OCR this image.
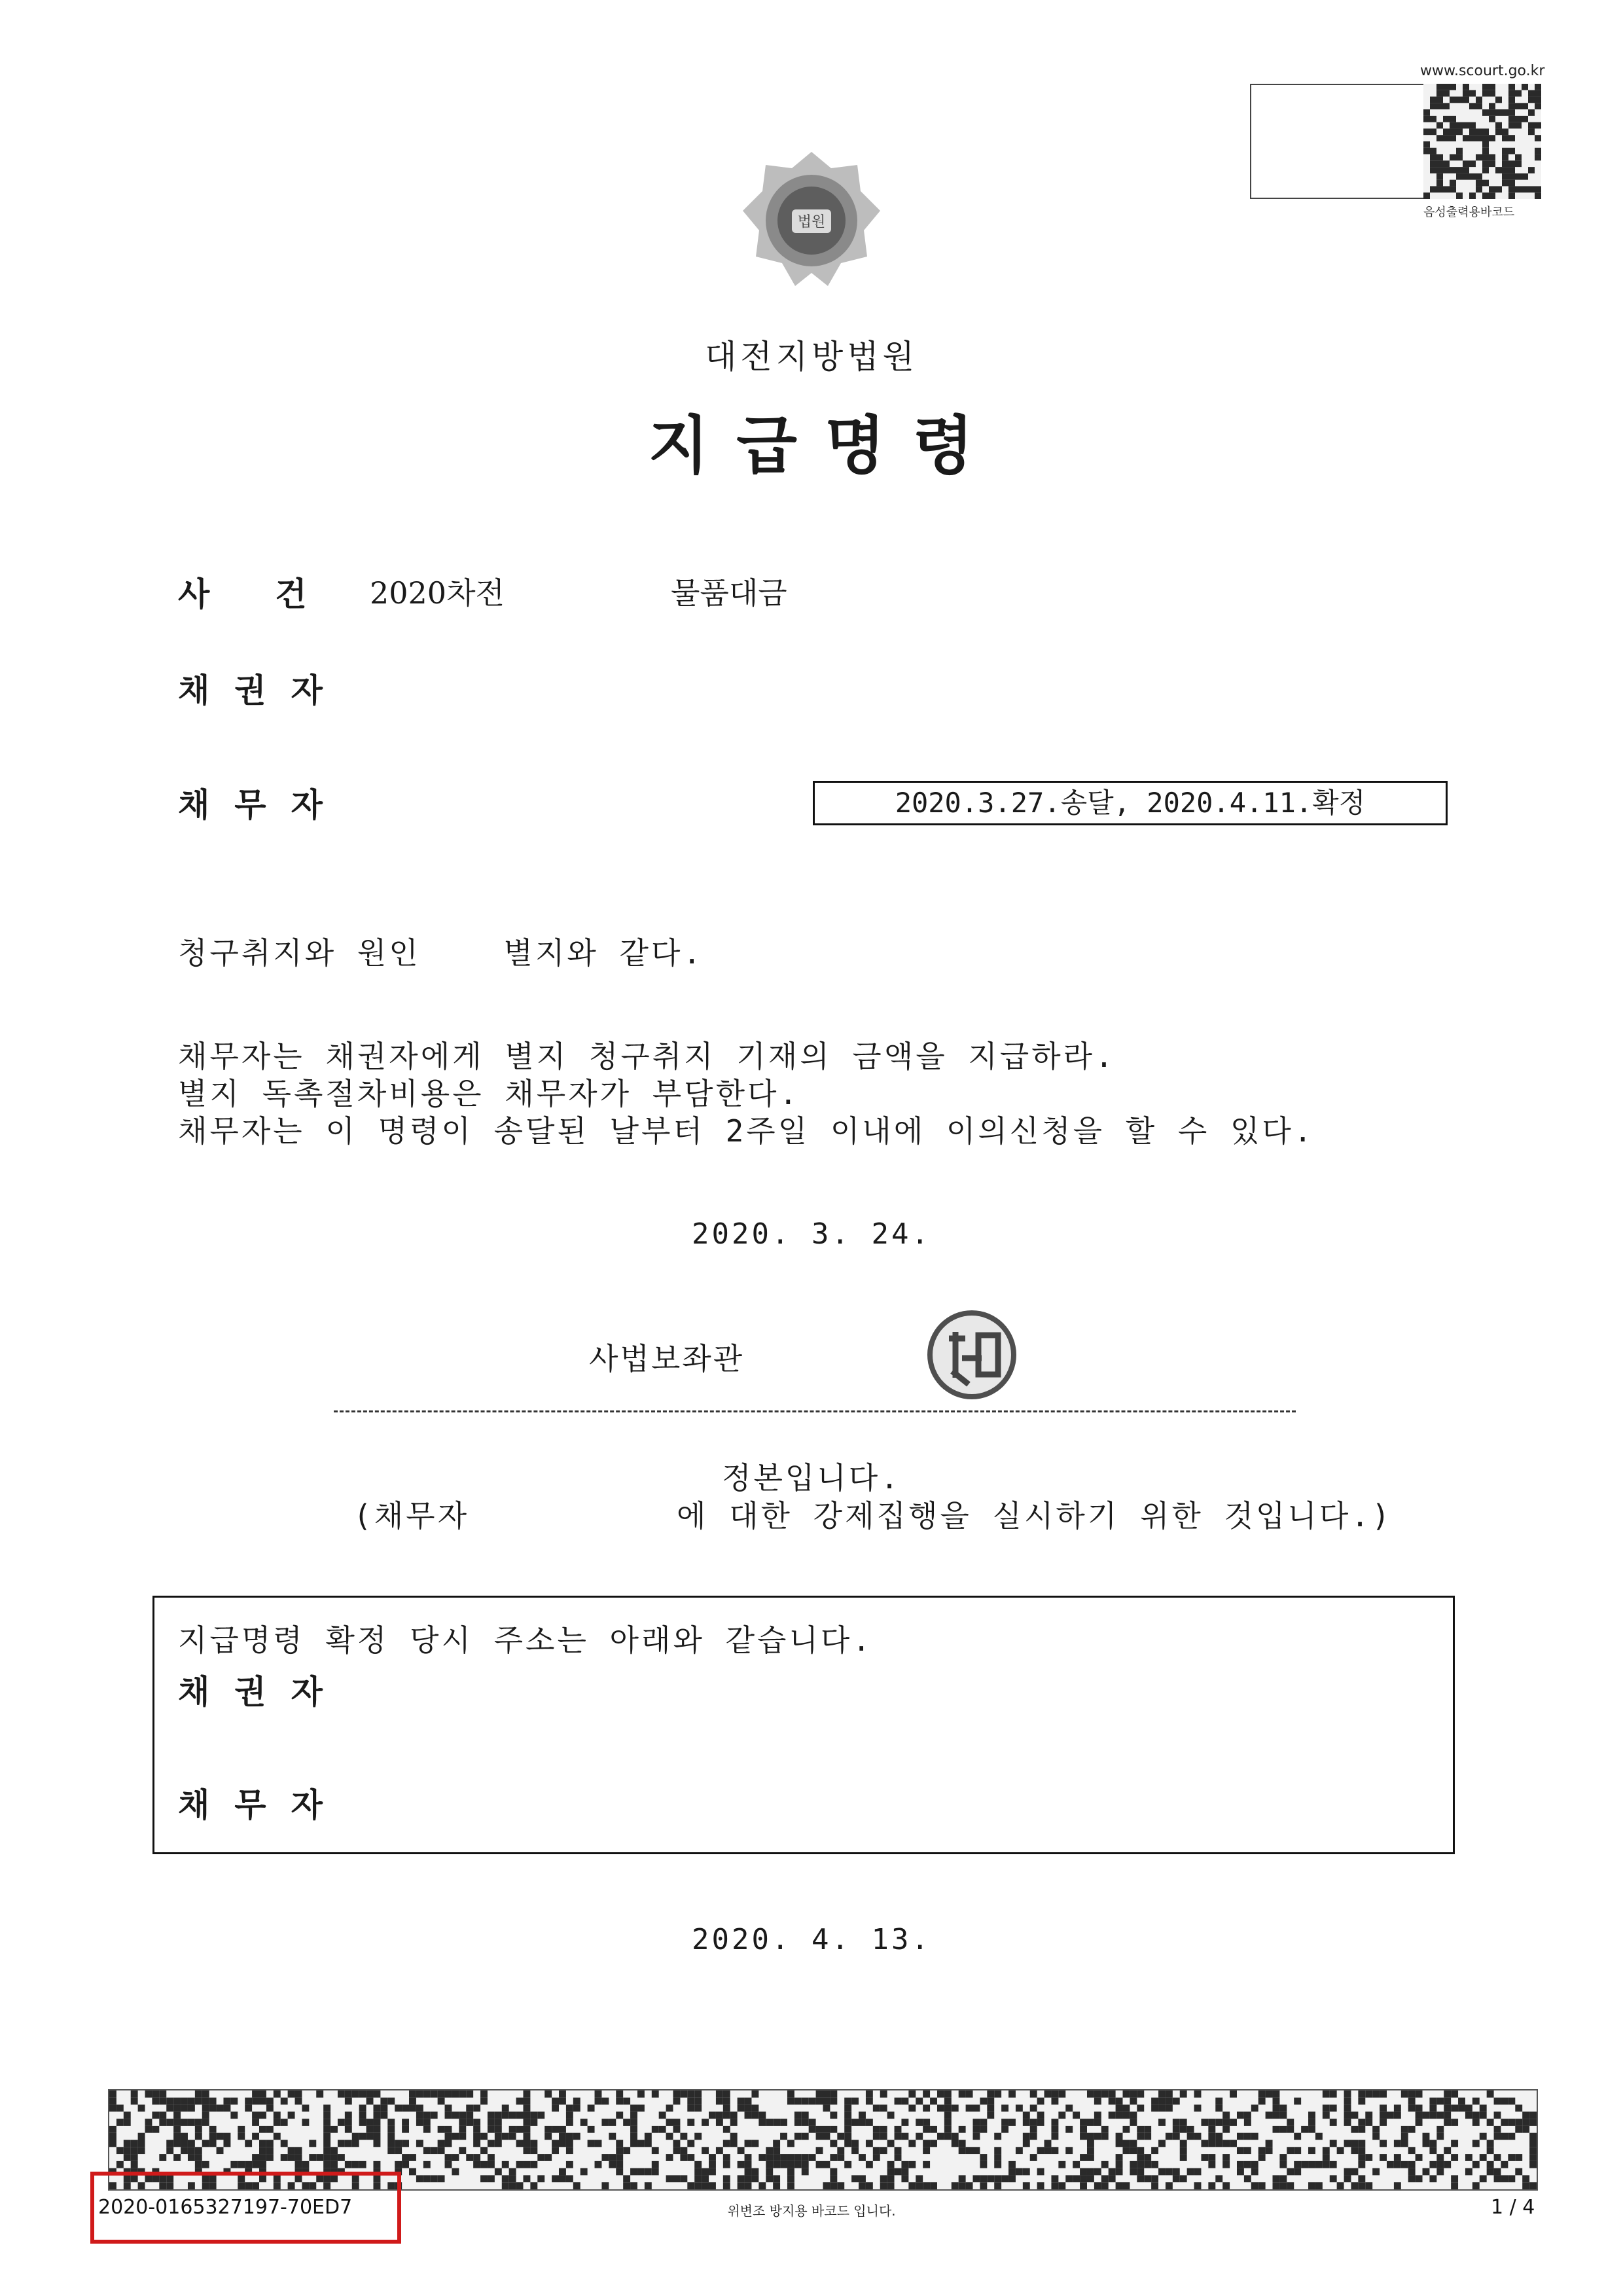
www.scourt.go.kr
음성출력용바코드
법원
대전지방법원
지급명령
사건
2020차전	물품대금
채권자
채무자	2020.3.27.송달, 2020.4.11.확정
청구취지와 원인    별지와 같다.
채무자는 채권자에게 별지 청구취지 기재의 금액을 지급하라.
별지 독촉절차비용은 채무자가 부담한다.
채무자는 이 명령이 송달된 날부터 2주일 이내에 이의신청을 할 수 있다.
2020. 3. 24.
사법보좌관
정본입니다.
(채무자          에 대한 강제집행을 실시하기 위한 것입니다.)
지급명령 확정 당시 주소는 아래와 같습니다.
채권자
채무자
2020. 4. 13.
2020-0165327197-70ED7	위변조 방지용 바코드 입니다.	1 / 4
